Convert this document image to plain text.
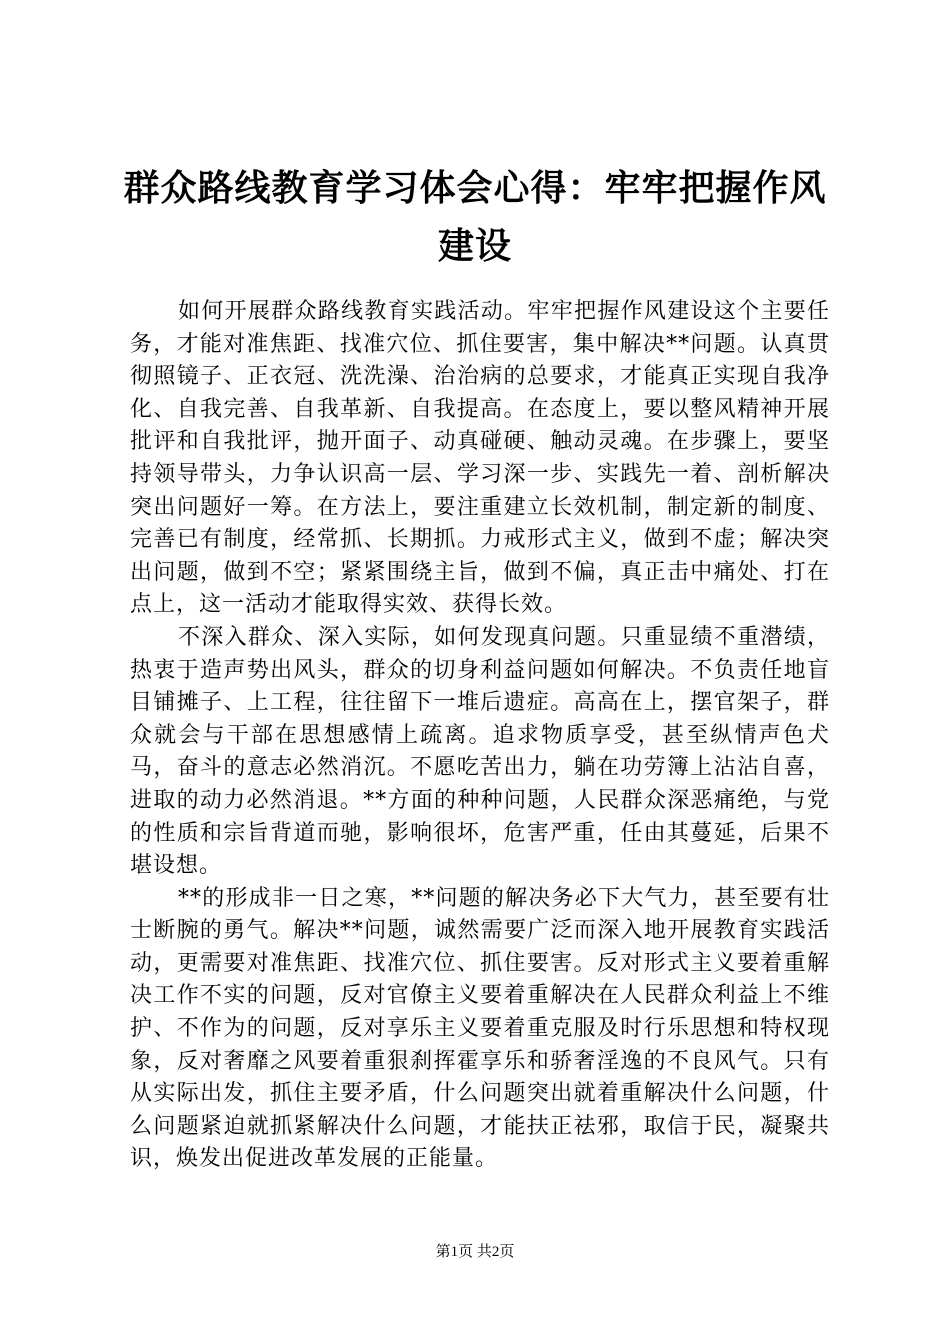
群众路线教育学习体会心得：牢牢把握作风建设

如何开展群众路线教育实践活动。牢牢把握作风建设这个主要任务，才能对准焦距、找准穴位、抓住要害，集中解决**问题。认真贯彻照镜子、正衣冠、洗洗澡、治治病的总要求，才能真正实现自我净化、自我完善、自我革新、自我提高。在态度上，要以整风精神开展批评和自我批评，抛开面子、动真碰硬、触动灵魂。在步骤上，要坚持领导带头，力争认识高一层、学习深一步、实践先一着、剖析解决突出问题好一筹。在方法上，要注重建立长效机制，制定新的制度、完善已有制度，经常抓、长期抓。力戒形式主义，做到不虚；解决突出问题，做到不空；紧紧围绕主旨，做到不偏，真正击中痛处、打在点上，这一活动才能取得实效、获得长效。

不深入群众、深入实际，如何发现真问题。只重显绩不重潜绩，热衷于造声势出风头，群众的切身利益问题如何解决。不负责任地盲目铺摊子、上工程，往往留下一堆后遗症。高高在上，摆官架子，群众就会与干部在思想感情上疏离。追求物质享受，甚至纵情声色犬马，奋斗的意志必然消沉。不愿吃苦出力，躺在功劳簿上沾沾自喜，进取的动力必然消退。**方面的种种问题，人民群众深恶痛绝，与党的性质和宗旨背道而驰，影响很坏，危害严重，任由其蔓延，后果不堪设想。

**的形成非一日之寒，**问题的解决务必下大气力，甚至要有壮士断腕的勇气。解决**问题，诚然需要广泛而深入地开展教育实践活动，更需要对准焦距、找准穴位、抓住要害。反对形式主义要着重解决工作不实的问题，反对官僚主义要着重解决在人民群众利益上不维护、不作为的问题，反对享乐主义要着重克服及时行乐思想和特权现象，反对奢靡之风要着重狠刹挥霍享乐和骄奢淫逸的不良风气。只有从实际出发，抓住主要矛盾，什么问题突出就着重解决什么问题，什么问题紧迫就抓紧解决什么问题，才能扶正祛邪，取信于民，凝聚共识，焕发出促进改革发展的正能量。

第1页 共2页
